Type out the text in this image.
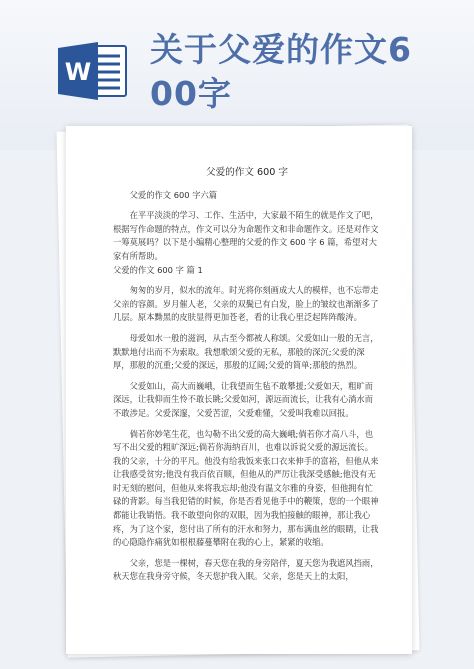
W
关于父爱的作文6
00字
父爱的作文 600 字

父爱的作文 600 字六篇

在平平淡淡的学习、工作、生活中，大家最不陌生的就是作文了吧，根据写作命题的特点，作文可以分为命题作文和非命题作文。还是对作文一筹莫展吗？以下是小编精心整理的父爱的作文 600 字 6 篇，希望对大家有所帮助。

父爱的作文 600 字 篇 1

匆匆的岁月，似水的流年。时光将你刻画成大人的模样，也不忘带走父亲的容颜。岁月催人老，父亲的双鬓已有白发，脸上的皱纹也渐渐多了几层。原本黝黑的皮肤显得更加苍老，看的让我心里泛起阵阵酸涛。

母爱如水一般的滋润，从古至今都被人称颂。父爱如山一般的无言，默默地付出而不为索取。我想歌颂父爱的无私，那般的深沉;父爱的深厚，那般的沉重;父爱的深远，那般的辽阔;父爱的简单;那般的热烈。

父爱如山，高大而巍峨，让我望而生毡不敢攀援;父爱如天，粗旷而深远，让我仰而生怜不敢长眺;父爱如河，源远而流长，让我有心淌水而不敢涉足。父爱深邃，父爱苦涩，父爱难懂，父爱叫我难以回报。

倘若你妙笔生花，也勾勒不出父爱的高大巍峨;倘若你才高八斗，也写不出父爱的粗旷深远;倘若你海纳百川，也难以诉说父爱的源远流长。我的父亲，十分的平凡。他没有给我饭来张口衣来伸手的富裕，但他从来让我感受贫穷;他没有我百依百顺，但他从的严厉让我深受感触;他没有无时无刻的慰问，但他从来将我忘却;他没有温文尔雅的身姿，但他拥有忙碌的背影。每当我犯错的时候，你是否看见他手中的鞭策，您的一个眼神都能让我销悟。我不敢望向你的双眼，因为我怕接触的眼神，那让我心疼，为了这个家，您付出了所有的汗水和努力，那布满血丝的眼睛，让我的心隐隐作痛犹如根根藤蔓攀附在我的心上，紧紧的收缩。

父亲，您是一棵树，春天您在我的身旁陪伴，夏天您为我遮风挡雨，秋天您在我身旁守候，冬天您护我入眠。父亲，您是天上的太阳，
